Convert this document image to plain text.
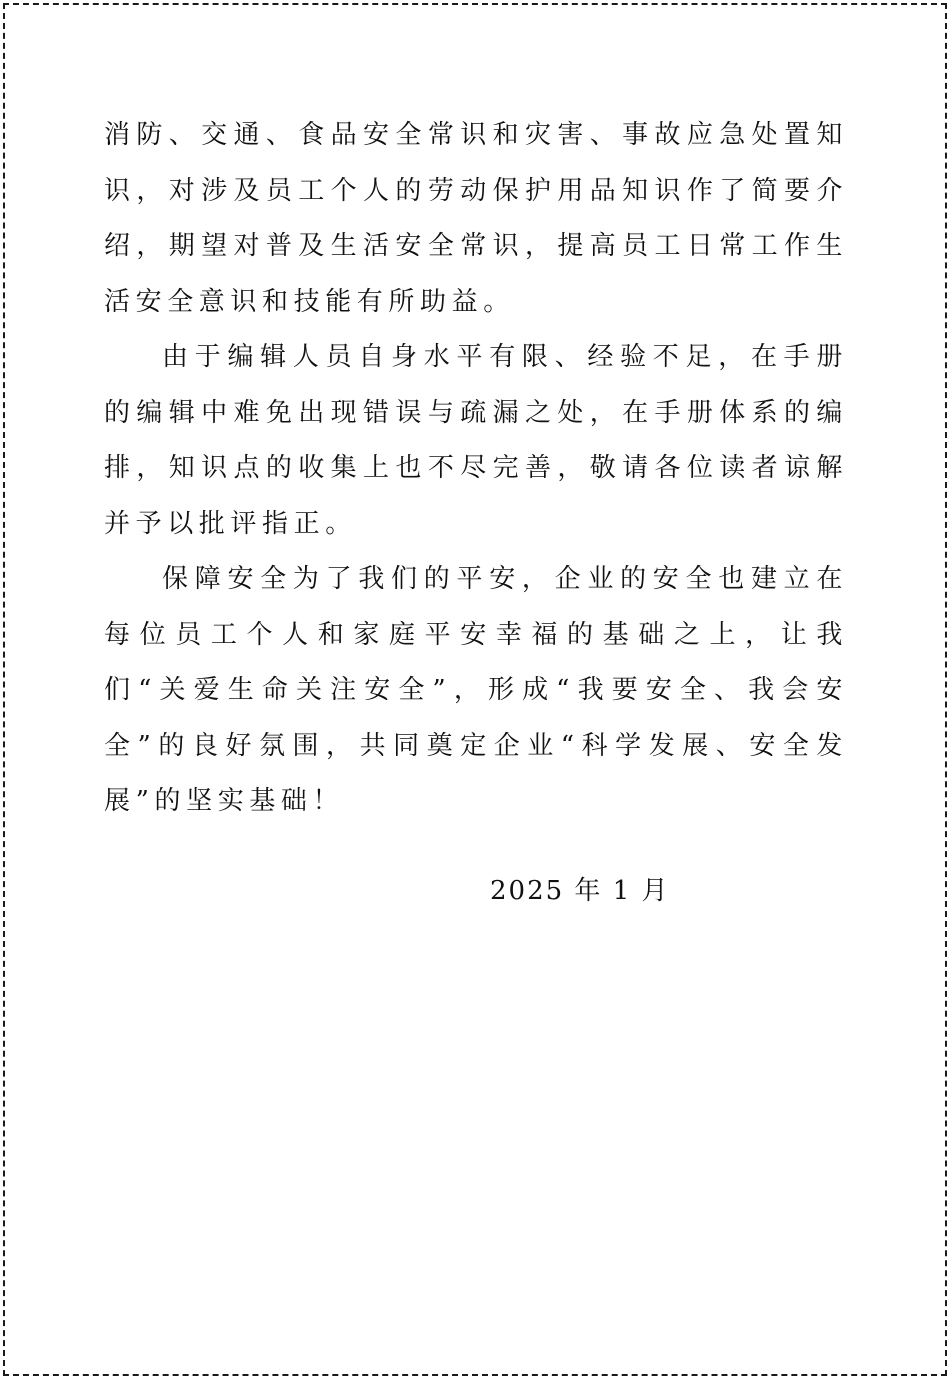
消防、交通、食品安全常识和灾害、事故应急处置知识，对涉及员工个人的劳动保护用品知识作了简要介绍，期望对普及生活安全常识，提高员工日常工作生活安全意识和技能有所助益。

由于编辑人员自身水平有限、经验不足，在手册的编辑中难免出现错误与疏漏之处，在手册体系的编排，知识点的收集上也不尽完善，敬请各位读者谅解并予以批评指正。

保障安全为了我们的平安，企业的安全也建立在每位员工个人和家庭平安幸福的基础之上，让我们“关爱生命关注安全”，形成“我要安全、我会安全”的良好氛围，共同奠定企业“科学发展、安全发展”的坚实基础！

2025 年 1 月
